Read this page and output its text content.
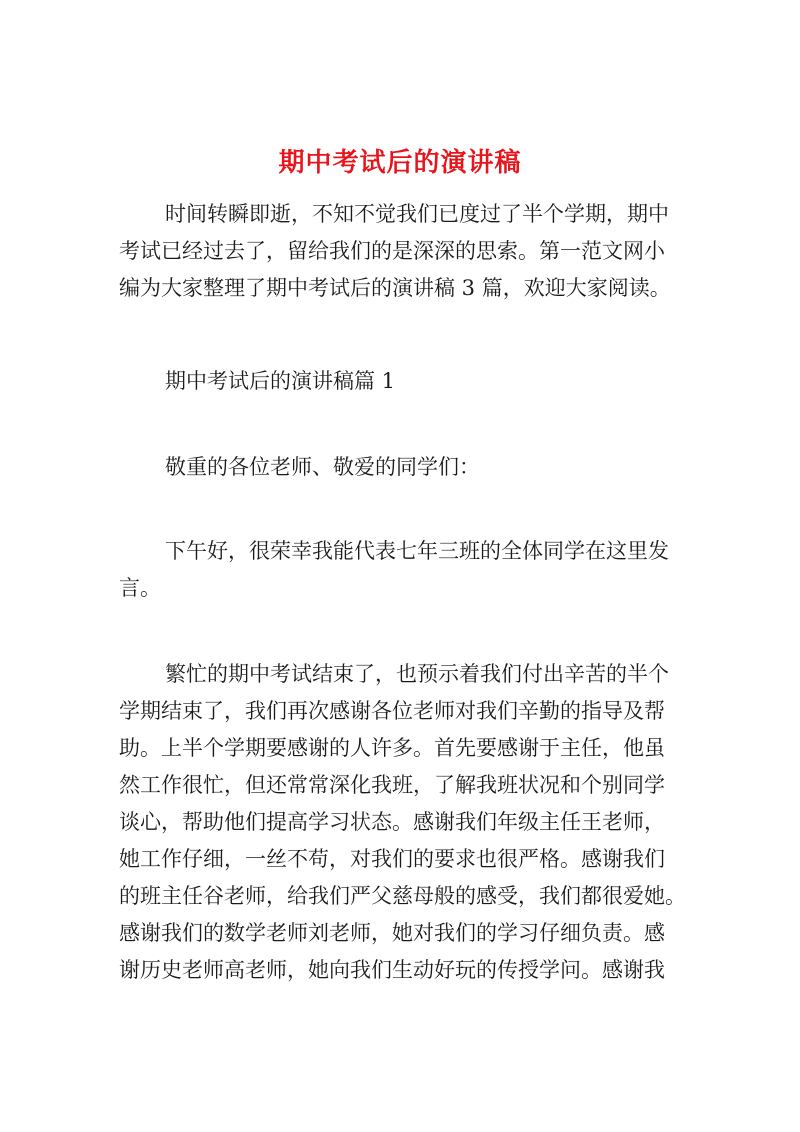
期中考试后的演讲稿

时间转瞬即逝，不知不觉我们已度过了半个学期，期中
考试已经过去了，留给我们的是深深的思索。第一范文网小
编为大家整理了期中考试后的演讲稿 3 篇，欢迎大家阅读。

期中考试后的演讲稿篇 1

敬重的各位老师、敬爱的同学们：

下午好，很荣幸我能代表七年三班的全体同学在这里发
言。

繁忙的期中考试结束了，也预示着我们付出辛苦的半个
学期结束了，我们再次感谢各位老师对我们辛勤的指导及帮
助。上半个学期要感谢的人许多。首先要感谢于主任，他虽
然工作很忙，但还常常深化我班，了解我班状况和个别同学
谈心，帮助他们提高学习状态。感谢我们年级主任王老师，
她工作仔细，一丝不苟，对我们的要求也很严格。感谢我们
的班主任谷老师，给我们严父慈母般的感受，我们都很爱她。
感谢我们的数学老师刘老师，她对我们的学习仔细负责。感
谢历史老师高老师，她向我们生动好玩的传授学问。感谢我
